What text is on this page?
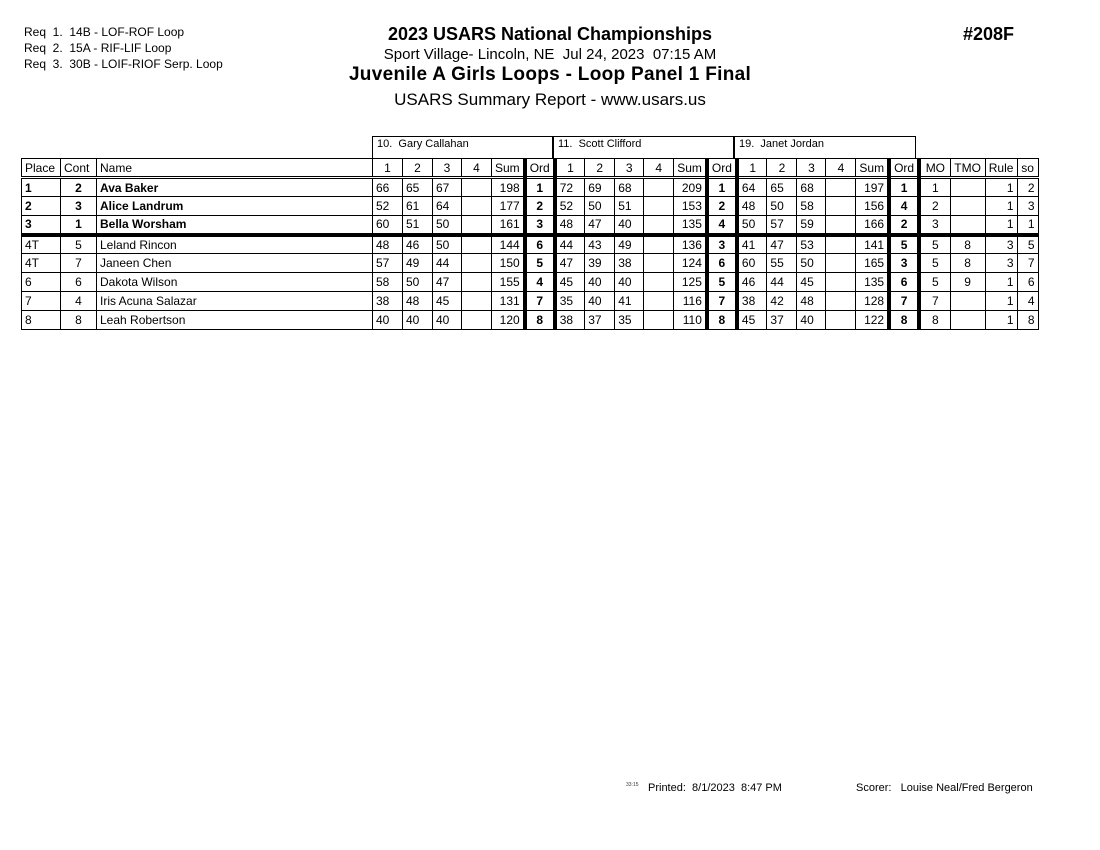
Req  1.  14B - LOF-ROF Loop
Req  2.  15A - RIF-LIF Loop
Req  3.  30B - LOIF-RIOF Serp. Loop
2023 USARS National Championships
Sport Village- Lincoln, NE  Jul 24, 2023  07:15 AM
Juvenile A Girls Loops - Loop Panel 1 Final
USARS Summary Report - www.usars.us
#208F
10.  Gary Callahan	11.  Scott Clifford	19.  Janet Jordan
Place	Cont	Name	1	2	3	4	Sum	Ord	1	2	3	4	Sum	Ord	1	2	3	4	Sum	Ord	MO	TMO	Rule	so
1	2	Ava Baker	66	65	67		198	1	72	69	68		209	1	64	65	68		197	1	1		1	2
2	3	Alice Landrum	52	61	64		177	2	52	50	51		153	2	48	50	58		156	4	2		1	3
3	1	Bella Worsham	60	51	50		161	3	48	47	40		135	4	50	57	59		166	2	3		1	1
4T	5	Leland Rincon	48	46	50		144	6	44	43	49		136	3	41	47	53		141	5	5	8	3	5
4T	7	Janeen Chen	57	49	44		150	5	47	39	38		124	6	60	55	50		165	3	5	8	3	7
6	6	Dakota Wilson	58	50	47		155	4	45	40	40		125	5	46	44	45		135	6	5	9	1	6
7	4	Iris Acuna Salazar	38	48	45		131	7	35	40	41		116	7	38	42	48		128	7	7		1	4
8	8	Leah Robertson	40	40	40		120	8	38	37	35		110	8	45	37	40		122	8	8		1	8
33:15 Printed:  8/1/2023  8:47 PM	Scorer:   Louise Neal/Fred Bergeron
